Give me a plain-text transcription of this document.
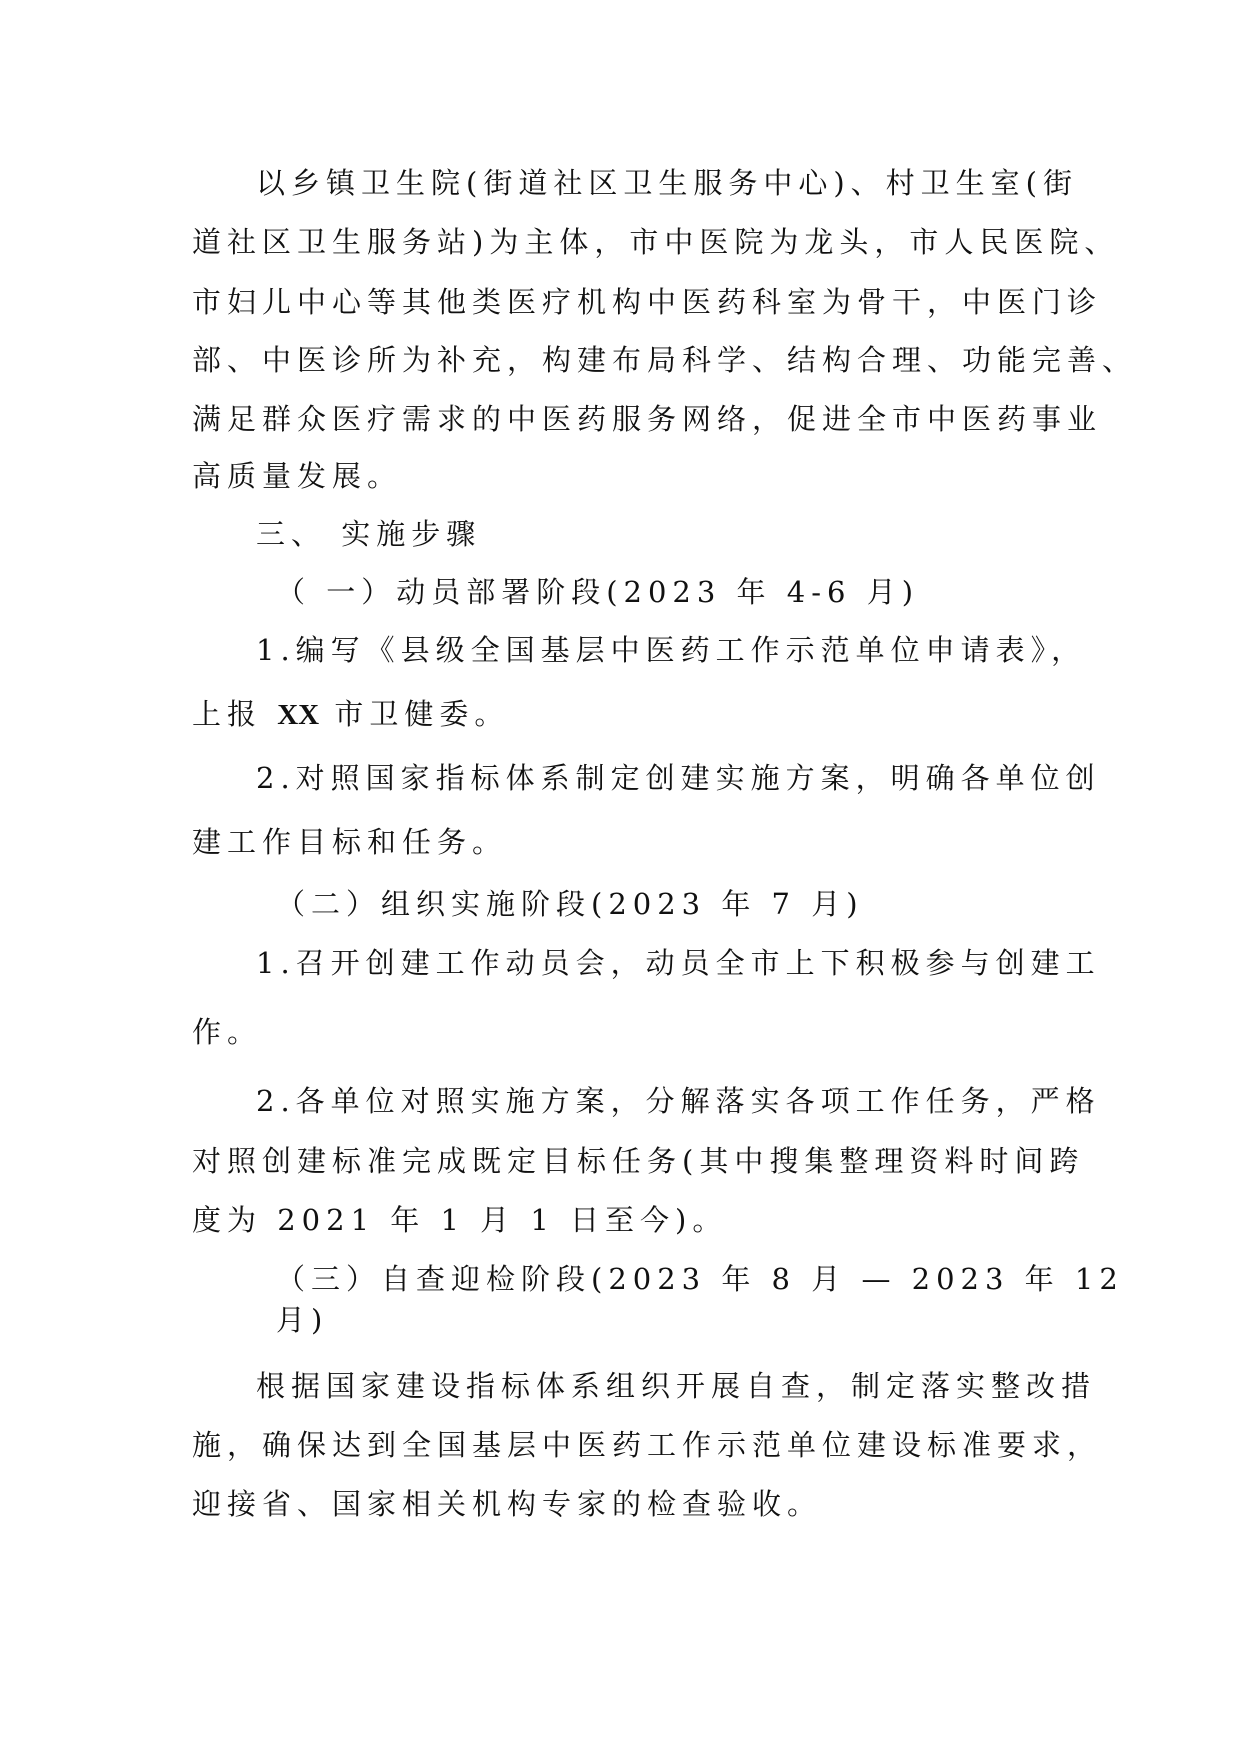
以乡镇卫生院(街道社区卫生服务中心)、村卫生室(街
道社区卫生服务站)为主体，市中医院为龙头，市人民医院、
市妇儿中心等其他类医疗机构中医药科室为骨干，中医门诊
部、中医诊所为补充，构建布局科学、结构合理、功能完善、
满足群众医疗需求的中医药服务网络，促进全市中医药事业
高质量发展。
三、 实施步骤
（ 一）动员部署阶段(2023 年 4-6 月)
1.编写《县级全国基层中医药工作示范单位申请表》，
上报 XX 市卫健委。
2.对照国家指标体系制定创建实施方案，明确各单位创
建工作目标和任务。
（二）组织实施阶段(2023 年 7 月)
1.召开创建工作动员会，动员全市上下积极参与创建工
作。
2.各单位对照实施方案，分解落实各项工作任务，严格
对照创建标准完成既定目标任务(其中搜集整理资料时间跨
度为 2021 年 1 月 1 日至今)。
（三）自查迎检阶段(2023 年 8 月 — 2023 年 12
月)
根据国家建设指标体系组织开展自查，制定落实整改措
施，确保达到全国基层中医药工作示范单位建设标准要求，
迎接省、国家相关机构专家的检查验收。
